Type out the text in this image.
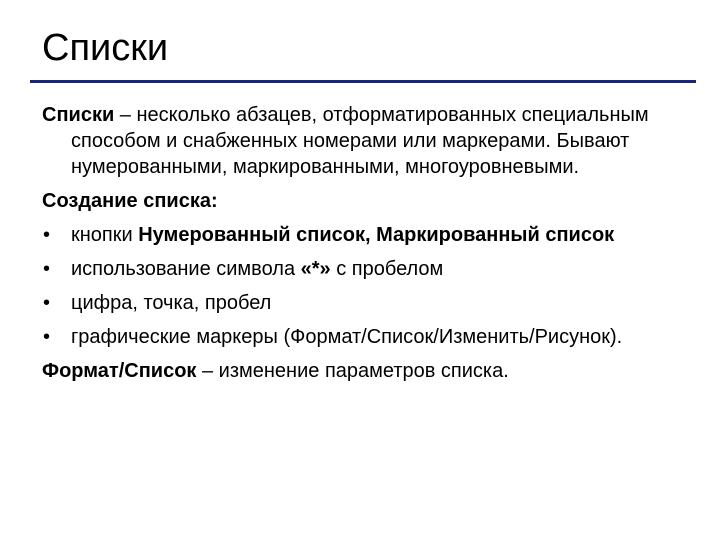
Списки

Списки – несколько абзацев, отформатированных специальным способом и снабженных номерами или маркерами. Бывают нумерованными, маркированными, многоуровневыми.

Создание списка:

• кнопки Нумерованный список, Маркированный список
• использование символа «*» с пробелом
• цифра, точка, пробел
• графические маркеры (Формат/Список/Изменить/Рисунок).

Формат/Список – изменение параметров списка.
